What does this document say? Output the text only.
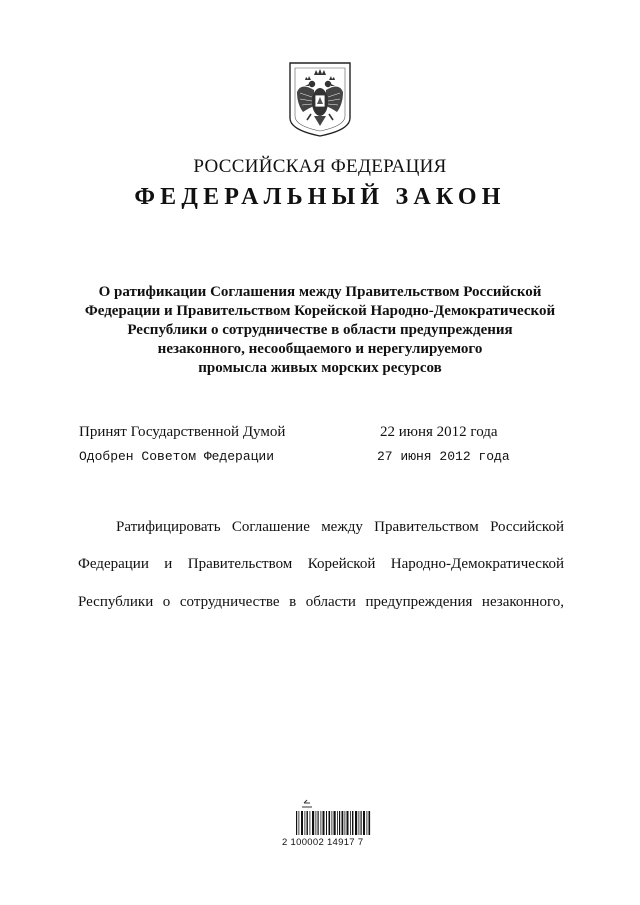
РОССИЙСКАЯ ФЕДЕРАЦИЯ
ФЕДЕРАЛЬНЫЙ ЗАКОН
О ратификации Соглашения между Правительством Российской
Федерации и Правительством Корейской Народно-Демократической
Республики о сотрудничестве в области предупреждения
незаконного, несообщаемого и нерегулируемого
промысла живых морских ресурсов
Принят Государственной Думой	22 июня 2012 года
Одобрен Советом Федерации	27 июня 2012 года
Ратифицировать Соглашение между Правительством Российской
Федерации и Правительством Корейской Народно-Демократической
Республики о сотрудничестве в области предупреждения незаконного,
2 100002 14917 7
